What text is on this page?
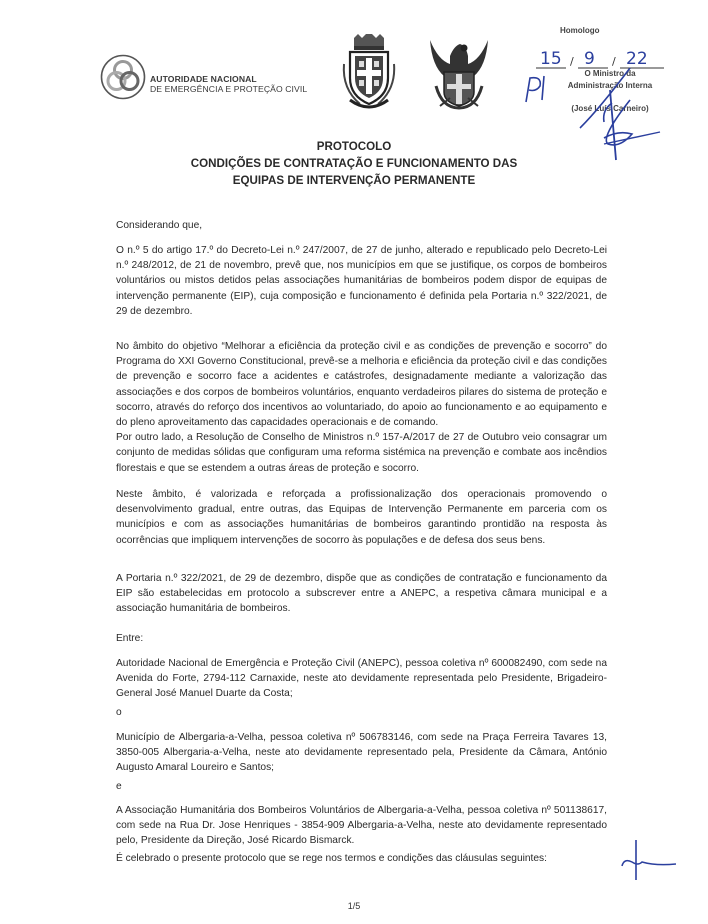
AUTORIDADE NACIONAL
DE EMERGÊNCIA E PROTEÇÃO CIVIL
Homologo
15 / 9 / 22
O Ministro da
Administração Interna
(José Luís Carneiro)
PROTOCOLO
CONDIÇÕES DE CONTRATAÇÃO E FUNCIONAMENTO DAS
EQUIPAS DE INTERVENÇÃO PERMANENTE

Considerando que,

O n.º 5 do artigo 17.º do Decreto-Lei n.º 247/2007, de 27 de junho, alterado e republicado pelo Decreto-Lei n.º 248/2012, de 21 de novembro, prevê que, nos municípios em que se justifique, os corpos de bombeiros voluntários ou mistos detidos pelas associações humanitárias de bombeiros podem dispor de equipas de intervenção permanente (EIP), cuja composição e funcionamento é definida pela Portaria n.º 322/2021, de 29 de dezembro.

No âmbito do objetivo “Melhorar a eficiência da proteção civil e as condições de prevenção e socorro” do Programa do XXI Governo Constitucional, prevê-se a melhoria e eficiência da proteção civil e das condições de prevenção e socorro face a acidentes e catástrofes, designadamente mediante a valorização das associações e dos corpos de bombeiros voluntários, enquanto verdadeiros pilares do sistema de proteção e socorro, através do reforço dos incentivos ao voluntariado, do apoio ao funcionamento e ao equipamento e do pleno aproveitamento das capacidades operacionais e de comando.

Por outro lado, a Resolução de Conselho de Ministros n.º 157-A/2017 de 27 de Outubro veio consagrar um conjunto de medidas sólidas que configuram uma reforma sistémica na prevenção e combate aos incêndios florestais e que se estendem a outras áreas de proteção e socorro.

Neste âmbito, é valorizada e reforçada a profissionalização dos operacionais promovendo o desenvolvimento gradual, entre outras, das Equipas de Intervenção Permanente em parceria com os municípios e com as associações humanitárias de bombeiros garantindo prontidão na resposta às ocorrências que impliquem intervenções de socorro às populações e de defesa dos seus bens.

A Portaria n.º 322/2021, de 29 de dezembro, dispõe que as condições de contratação e funcionamento da EIP são estabelecidas em protocolo a subscrever entre a ANEPC, a respetiva câmara municipal e a associação humanitária de bombeiros.

Entre:

Autoridade Nacional de Emergência e Proteção Civil (ANEPC), pessoa coletiva nº 600082490, com sede na Avenida do Forte, 2794-112 Carnaxide, neste ato devidamente representada pelo Presidente, Brigadeiro-General José Manuel Duarte da Costa;

o

Município de Albergaria-a-Velha, pessoa coletiva nº 506783146, com sede na Praça Ferreira Tavares 13, 3850-005 Albergaria-a-Velha, neste ato devidamente representado pela, Presidente da Câmara, António Augusto Amaral Loureiro e Santos;

e

A Associação Humanitária dos Bombeiros Voluntários de Albergaria-a-Velha, pessoa coletiva nº 501138617, com sede na Rua Dr. Jose Henriques - 3854-909 Albergaria-a-Velha, neste ato devidamente representado pelo, Presidente da Direção, José Ricardo Bismarck.

É celebrado o presente protocolo que se rege nos termos e condições das cláusulas seguintes:

1/5
